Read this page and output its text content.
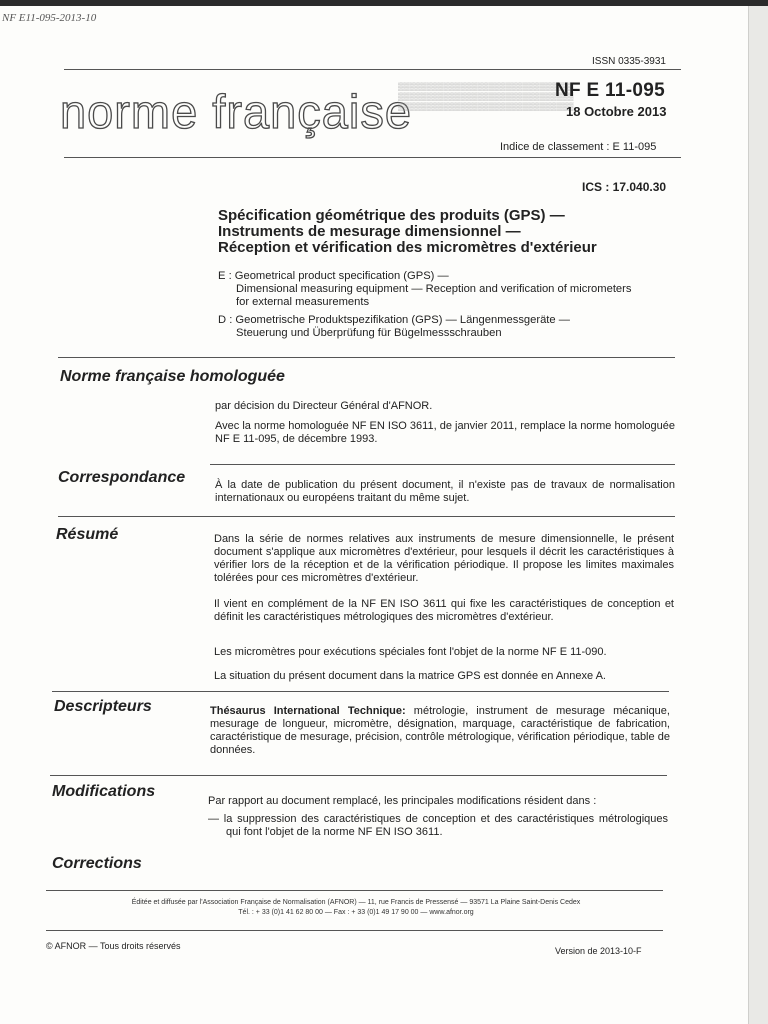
NF E11-095-2013-10
ISSN 0335-3931
norme française
▒▒▒▒▒▒▒▒▒▒▒▒▒▒▒▒▒▒▒▒▒▒▒▒▒▒▒▒▒▒▒
▒▒▒▒▒▒▒▒▒▒▒▒▒▒▒▒▒▒▒▒▒▒▒▒▒▒▒▒▒▒▒
▒▒▒▒▒▒▒▒▒▒▒▒▒▒▒▒▒▒▒▒▒▒▒▒▒▒▒▒▒▒▒
NF E 11-095
18 Octobre 2013
Indice de classement : E 11-095
ICS : 17.040.30
Spécification géométrique des produits (GPS) —
Instruments de mesurage dimensionnel —
Réception et vérification des micromètres d'extérieur
E : Geometrical product specification (GPS) —
Dimensional measuring equipment — Reception and verification of micrometers
for external measurements
D : Geometrische Produktspezifikation (GPS) — Längenmessgeräte —
Steuerung und Überprüfung für Bügelmessschrauben
Norme française homologuée
par décision du Directeur Général d'AFNOR.
Avec la norme homologuée NF EN ISO 3611, de janvier 2011, remplace la norme homologuée NF E 11-095, de décembre 1993.
Correspondance	À la date de publication du présent document, il n'existe pas de travaux de normalisation internationaux ou européens traitant du même sujet.
Résumé	Dans la série de normes relatives aux instruments de mesure dimensionnelle, le présent document s'applique aux micromètres d'extérieur, pour lesquels il décrit les caractéristiques à vérifier lors de la réception et de la vérification périodique. Il propose les limites maximales tolérées pour ces micromètres d'extérieur.
Il vient en complément de la NF EN ISO 3611 qui fixe les caractéristiques de conception et définit les caractéristiques métrologiques des micromètres d'extérieur.
Les micromètres pour exécutions spéciales font l'objet de la norme NF E 11-090.
La situation du présent document dans la matrice GPS est donnée en Annexe A.
Descripteurs	Thésaurus International Technique: métrologie, instrument de mesurage mécanique, mesurage de longueur, micromètre, désignation, marquage, caractéristique de fabrication, caractéristique de mesurage, précision, contrôle métrologique, vérification périodique, table de données.
Modifications
Par rapport au document remplacé, les principales modifications résident dans :
— la suppression des caractéristiques de conception et des caractéristiques métrologiques qui font l'objet de la norme NF EN ISO 3611.
Corrections
Éditée et diffusée par l'Association Française de Normalisation (AFNOR) — 11, rue Francis de Pressensé — 93571 La Plaine Saint-Denis Cedex
Tél. : + 33 (0)1 41 62 80 00 — Fax : + 33 (0)1 49 17 90 00 — www.afnor.org
© AFNOR — Tous droits réservés	Version de 2013-10-F
